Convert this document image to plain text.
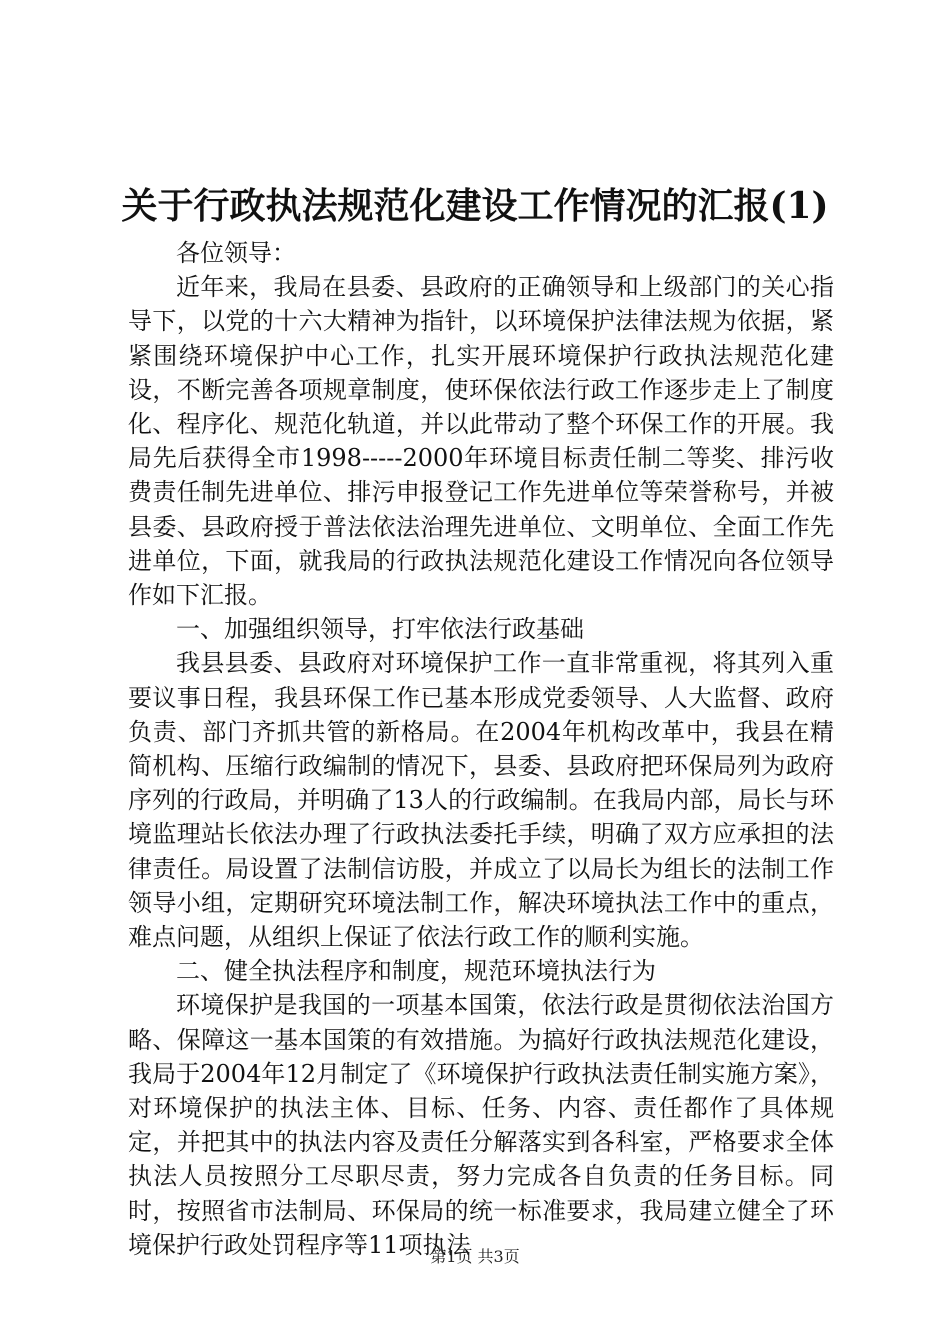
关于行政执法规范化建设工作情况的汇报(1)

各位领导：

近年来，我局在县委、县政府的正确领导和上级部门的关心指导下，以党的十六大精神为指针，以环境保护法律法规为依据，紧紧围绕环境保护中心工作，扎实开展环境保护行政执法规范化建设，不断完善各项规章制度，使环保依法行政工作逐步走上了制度化、程序化、规范化轨道，并以此带动了整个环保工作的开展。我局先后获得全市1998-----2000年环境目标责任制二等奖、排污收费责任制先进单位、排污申报登记工作先进单位等荣誉称号，并被县委、县政府授于普法依法治理先进单位、文明单位、全面工作先进单位，下面，就我局的行政执法规范化建设工作情况向各位领导作如下汇报。

一、加强组织领导，打牢依法行政基础

我县县委、县政府对环境保护工作一直非常重视，将其列入重要议事日程，我县环保工作已基本形成党委领导、人大监督、政府负责、部门齐抓共管的新格局。在2004年机构改革中，我县在精简机构、压缩行政编制的情况下，县委、县政府把环保局列为政府序列的行政局，并明确了13人的行政编制。在我局内部，局长与环境监理站长依法办理了行政执法委托手续，明确了双方应承担的法律责任。局设置了法制信访股，并成立了以局长为组长的法制工作领导小组，定期研究环境法制工作，解决环境执法工作中的重点，难点问题，从组织上保证了依法行政工作的顺利实施。

二、健全执法程序和制度，规范环境执法行为

环境保护是我国的一项基本国策，依法行政是贯彻依法治国方略、保障这一基本国策的有效措施。为搞好行政执法规范化建设，我局于2004年12月制定了《环境保护行政执法责任制实施方案》，对环境保护的执法主体、目标、任务、内容、责任都作了具体规定，并把其中的执法内容及责任分解落实到各科室，严格要求全体执法人员按照分工尽职尽责，努力完成各自负责的任务目标。同时，按照省市法制局、环保局的统一标准要求，我局建立健全了环境保护行政处罚程序等11项执法

第1页 共3页
